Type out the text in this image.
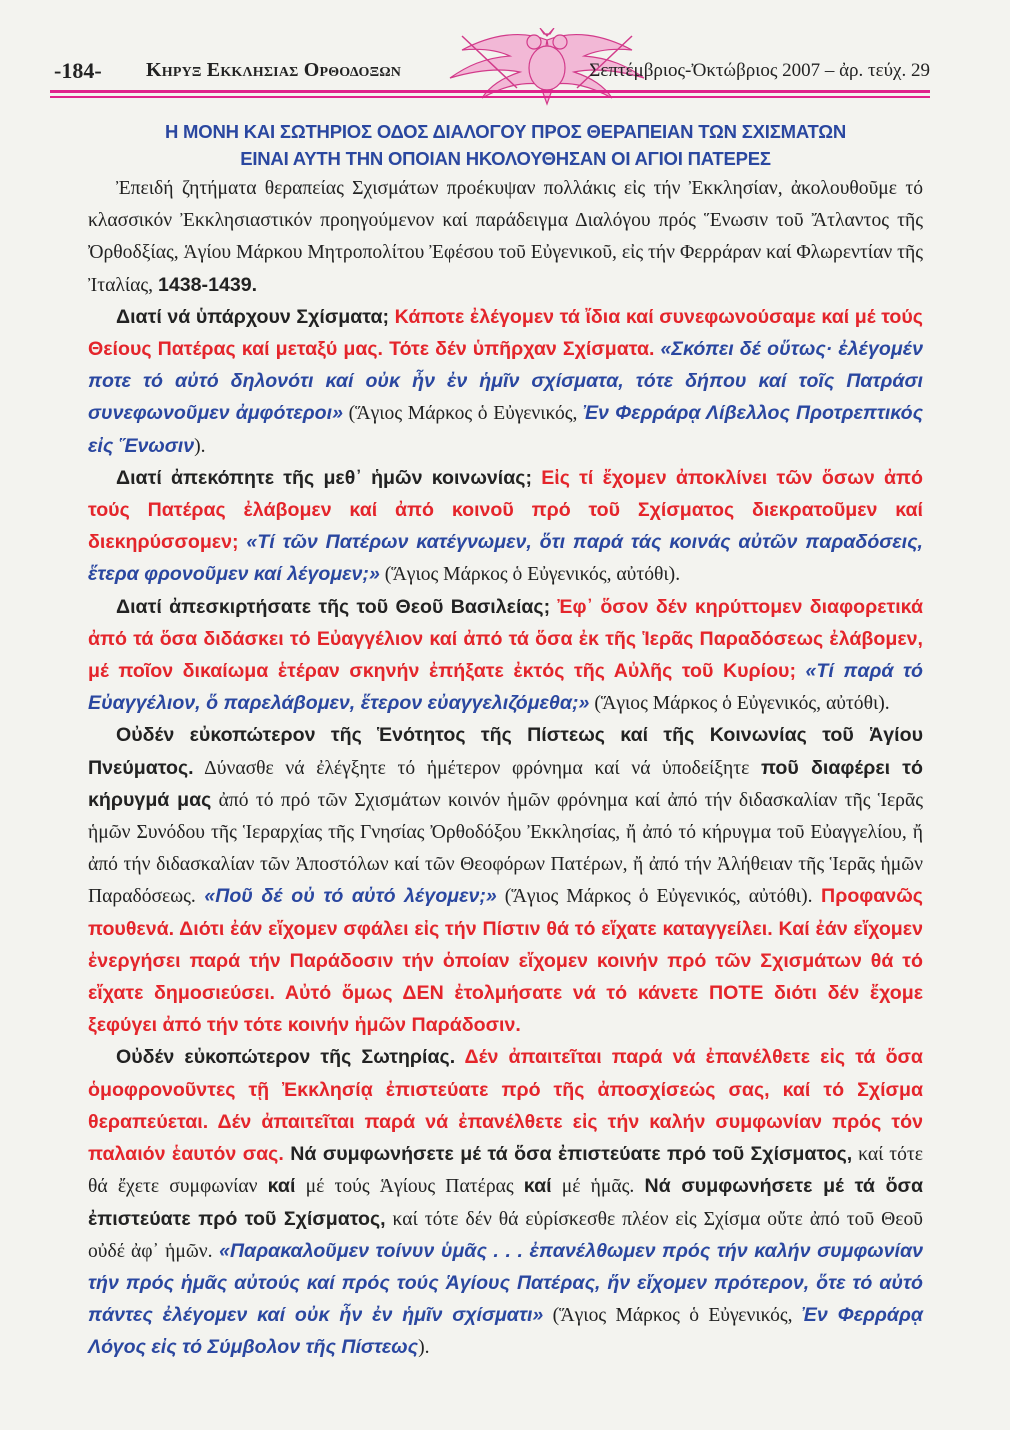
-184- Κηρυξ Εκκλησιας Ορθοδοξων	Σεπτέμβριος-Ὀκτώβριος 2007 – ἀρ. τεύχ. 29
Η ΜΟΝΗ ΚΑΙ ΣΩΤΗΡΙΟΣ ΟΔΟΣ ΔΙΑΛΟΓΟΥ ΠΡΟΣ ΘΕΡΑΠΕΙΑΝ ΤΩΝ ΣΧΙΣΜΑΤΩΝ
ΕΙΝΑΙ ΑΥΤΗ ΤΗΝ ΟΠΟΙΑΝ ΗΚΟΛΟΥΘΗΣΑΝ ΟΙ ΑΓΙΟΙ ΠΑΤΕΡΕΣ

Ἐπειδή ζητήματα θεραπείας Σχισμάτων προέκυψαν πολλάκις εἰς τήν Ἐκκλησίαν, ἀκολουθοῦμε τό κλασσικόν Ἐκκλησιαστικόν προηγούμενον καί παράδειγμα Διαλόγου πρός Ἕνωσιν τοῦ Ἄτλαντος τῆς Ὀρθοδξίας, Ἁγίου Μάρκου Μητροπολίτου Ἐφέσου τοῦ Εὐγενικοῦ, εἰς τήν Φερράραν καί Φλωρεντίαν τῆς Ἰταλίας, 1438-1439.

Διατί νά ὑπάρχουν Σχίσματα; Κάποτε ἐλέγομεν τά ἴδια καί συνεφωνούσαμε καί μέ τούς Θείους Πατέρας καί μεταξύ μας. Τότε δέν ὑπῆρχαν Σχίσματα. «Σκόπει δέ οὕτως· ἐλέγομέν ποτε τό αὐτό δηλονότι καί οὐκ ἦν ἐν ἡμῖν σχίσματα, τότε δήπου καί τοῖς Πατράσι συνεφωνοῦμεν ἀμφότεροι» (Ἅγιος Μάρκος ὁ Εὐγενικός, Ἐν Φερράρᾳ Λίβελλος Προτρεπτικός εἰς Ἕνωσιν).

Διατί ἀπεκόπητε τῆς μεθ᾽ ἡμῶν κοινωνίας; Εἰς τί ἔχομεν ἀποκλίνει τῶν ὅσων ἀπό τούς Πατέρας ἐλάβομεν καί ἀπό κοινοῦ πρό τοῦ Σχίσματος διεκρατοῦμεν καί διεκηρύσσομεν; «Τί τῶν Πατέρων κατέγνωμεν, ὅτι παρά τάς κοινάς αὐτῶν παραδόσεις, ἕτερα φρονοῦμεν καί λέγομεν;» (Ἅγιος Μάρκος ὁ Εὐγενικός, αὐτόθι).

Διατί ἀπεσκιρτήσατε τῆς τοῦ Θεοῦ Βασιλείας; Ἐφ᾽ ὅσον δέν κηρύττομεν διαφορετικά ἀπό τά ὅσα διδάσκει τό Εὐαγγέλιον καί ἀπό τά ὅσα ἐκ τῆς Ἱερᾶς Παραδόσεως ἐλάβομεν, μέ ποῖον δικαίωμα ἑτέραν σκηνήν ἐπήξατε ἐκτός τῆς Αὐλῆς τοῦ Κυρίου; «Τί παρά τό Εὐαγγέλιον, ὅ παρελάβομεν, ἕτερον εὐαγγελιζόμεθα;» (Ἅγιος Μάρκος ὁ Εὐγενικός, αὐτόθι).

Οὐδέν εὐκοπώτερον τῆς Ἑνότητος τῆς Πίστεως καί τῆς Κοινωνίας τοῦ Ἁγίου Πνεύματος. Δύνασθε νά ἐλέγξητε τό ἡμέτερον φρόνημα καί νά ὑποδείξητε ποῦ διαφέρει τό κήρυγμά μας ἀπό τό πρό τῶν Σχισμάτων κοινόν ἡμῶν φρόνημα καί ἀπό τήν διδασκαλίαν τῆς Ἱερᾶς ἡμῶν Συνόδου τῆς Ἱεραρχίας τῆς Γνησίας Ὀρθοδόξου Ἐκκλησίας, ἤ ἀπό τό κήρυγμα τοῦ Εὐαγγελίου, ἤ ἀπό τήν διδασκαλίαν τῶν Ἀποστόλων καί τῶν Θεοφόρων Πατέρων, ἤ ἀπό τήν Ἀλήθειαν τῆς Ἱερᾶς ἡμῶν Παραδόσεως. «Ποῦ δέ οὐ τό αὐτό λέγομεν;» (Ἅγιος Μάρκος ὁ Εὐγενικός, αὐτόθι). Προφανῶς πουθενά. Διότι ἐάν εἴχομεν σφάλει εἰς τήν Πίστιν θά τό εἴχατε καταγγείλει. Καί ἐάν εἴχομεν ἐνεργήσει παρά τήν Παράδοσιν τήν ὁποίαν εἴχομεν κοινήν πρό τῶν Σχισμάτων θά τό εἴχατε δημοσιεύσει. Αὐτό ὅμως ΔΕΝ ἐτολμήσατε νά τό κάνετε ΠΟΤΕ διότι δέν ἔχομε ξεφύγει ἀπό τήν τότε κοινήν ἡμῶν Παράδοσιν.

Οὐδέν εὐκοπώτερον τῆς Σωτηρίας. Δέν ἀπαιτεῖται παρά νά ἐπανέλθετε εἰς τά ὅσα ὁμοφρονοῦντες τῇ Ἐκκλησίᾳ ἐπιστεύατε πρό τῆς ἀποσχίσεώς σας, καί τό Σχίσμα θεραπεύεται. Δέν ἀπαιτεῖται παρά νά ἐπανέλθετε εἰς τήν καλήν συμφωνίαν πρός τόν παλαιόν ἑαυτόν σας. Νά συμφωνήσετε μέ τά ὅσα ἐπιστεύατε πρό τοῦ Σχίσματος, καί τότε θά ἔχετε συμφωνίαν καί μέ τούς Ἁγίους Πατέρας καί μέ ἡμᾶς. Νά συμφωνήσετε μέ τά ὅσα ἐπιστεύατε πρό τοῦ Σχίσματος, καί τότε δέν θά εὑρίσκεσθε πλέον εἰς Σχίσμα οὔτε ἀπό τοῦ Θεοῦ οὐδέ ἀφ᾽ ἡμῶν. «Παρακαλοῦμεν τοίνυν ὑμᾶς . . . ἐπανέλθωμεν πρός τήν καλήν συμφωνίαν τήν πρός ἡμᾶς αὐτούς καί πρός τούς Ἁγίους Πατέρας, ἥν εἴχομεν πρότερον, ὅτε τό αὐτό πάντες ἐλέγομεν καί οὐκ ἦν ἐν ἡμῖν σχίσματι» (Ἅγιος Μάρκος ὁ Εὐγενικός, Ἐν Φερράρᾳ Λόγος εἰς τό Σύμβολον τῆς Πίστεως).
